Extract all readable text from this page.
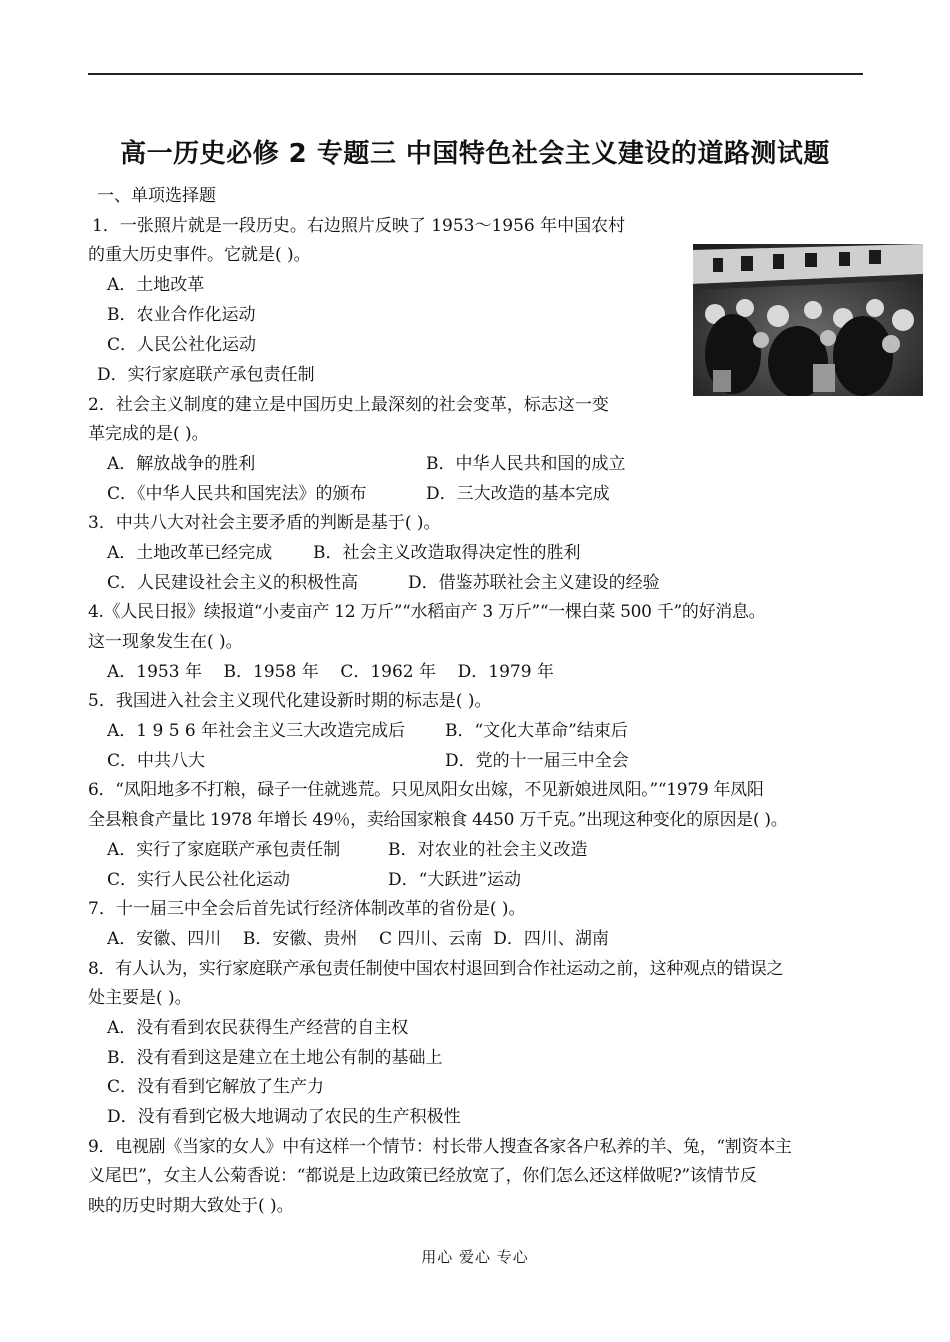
高一历史必修 2 专题三 中国特色社会主义建设的道路测试题
一、单项选择题
1．一张照片就是一段历史。右边照片反映了 1953～1956 年中国农村
的重大历史事件。它就是( )。
A．土地改革
B．农业合作化运动
C．人民公社化运动
D．实行家庭联产承包责任制
2．社会主义制度的建立是中国历史上最深刻的社会变革，标志这一变
革完成的是( )。
A．解放战争的胜利	B．中华人民共和国的成立
C．《中华人民共和国宪法》的颁布	D．三大改造的基本完成
3．中共八大对社会主要矛盾的判断是基于( )。
A．土地改革已经完成 B．社会主义改造取得决定性的胜利
C．人民建设社会主义的积极性高	D．借鉴苏联社会主义建设的经验
4.《人民日报》续报道“小麦亩产 12 万斤”“水稻亩产 3 万斤”“一棵白菜 500 千”的好消息。
这一现象发生在( )。
A．1953 年    B．1958 年    C．1962 年    D．1979 年
5．我国进入社会主义现代化建设新时期的标志是( )。
A．1 9 5 6 年社会主义三大改造完成后 B．“文化大革命”结束后
C．中共八大	D．党的十一届三中全会
6．“凤阳地多不打粮，碌子一住就逃荒。只见凤阳女出嫁，不见新娘进凤阳。”“1979 年凤阳
全县粮食产量比 1978 年增长 49％，卖给国家粮食 4450 万千克。”出现这种变化的原因是( )。
A．实行了家庭联产承包责任制	B．对农业的社会主义改造
C．实行人民公社化运动	D．“大跃进”运动
7．十一届三中全会后首先试行经济体制改革的省份是( )。
A．安徽、四川    B．安徽、贵州    C 四川、云南  D．四川、湖南
8．有人认为，实行家庭联产承包责任制使中国农村退回到合作社运动之前，这种观点的错误之
处主要是( )。
A．没有看到农民获得生产经营的自主权
B．没有看到这是建立在土地公有制的基础上
C．没有看到它解放了生产力
D．没有看到它极大地调动了农民的生产积极性
9．电视剧《当家的女人》中有这样一个情节：村长带人搜查各家各户私养的羊、兔，“割资本主
义尾巴”，女主人公菊香说：“都说是上边政策已经放宽了，你们怎么还这样做呢?”该情节反
映的历史时期大致处于( )。
用心 爱心 专心
